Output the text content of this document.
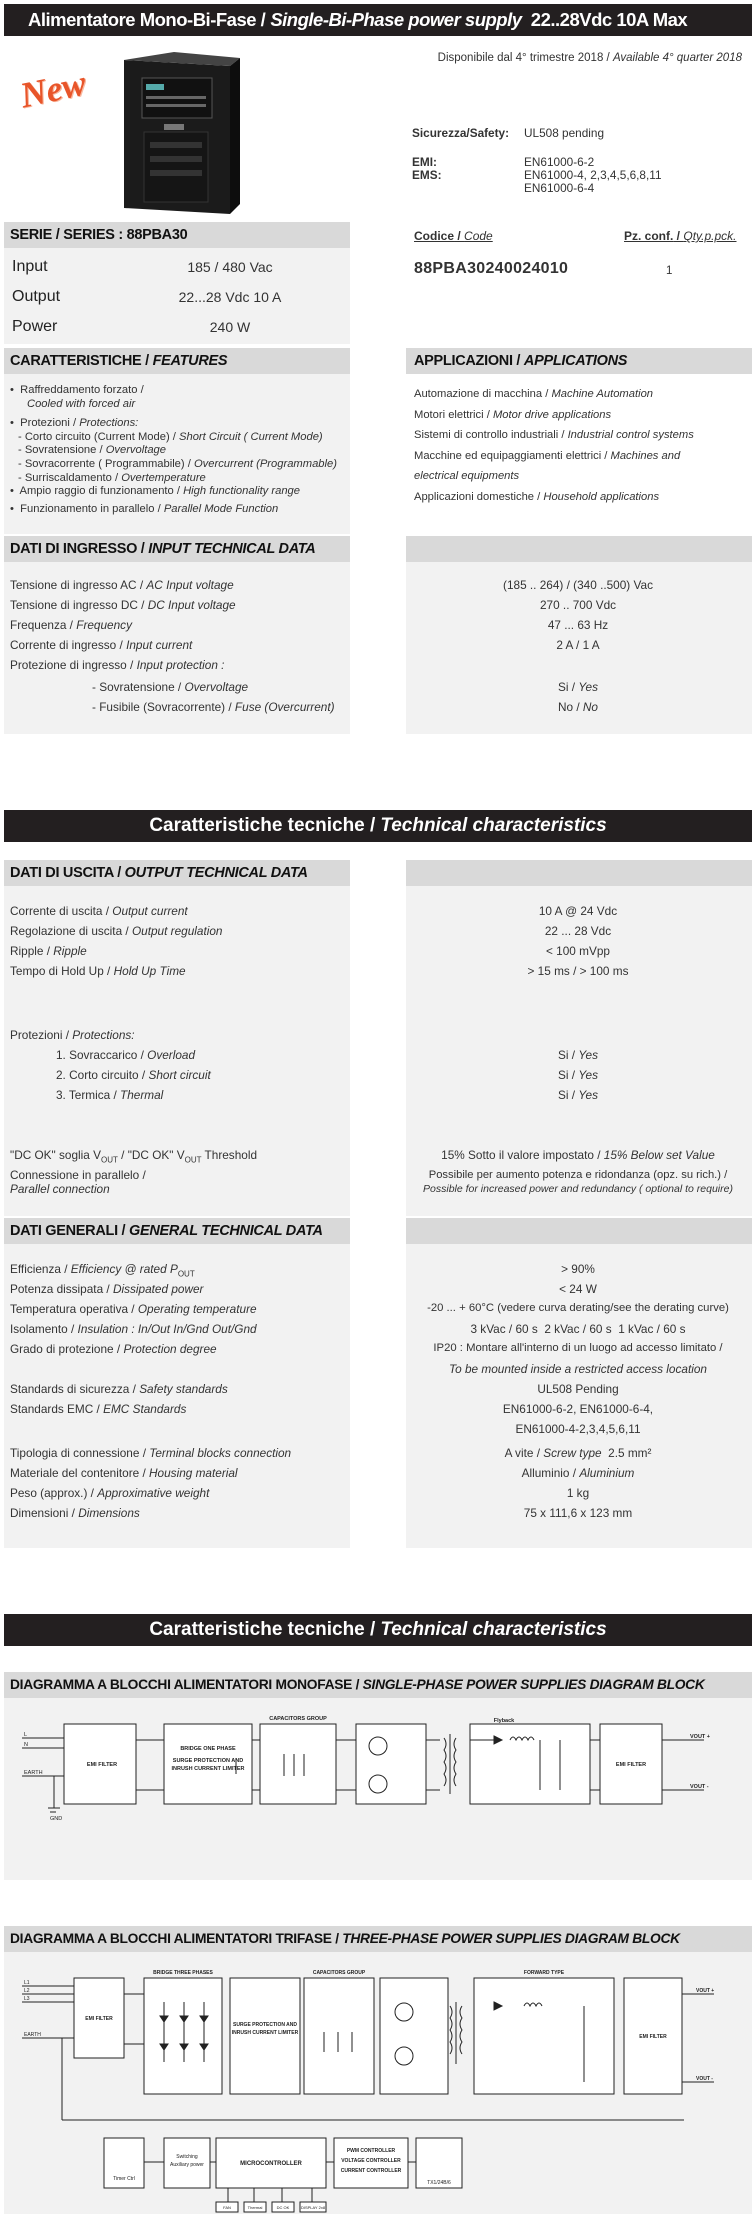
Alimentatore Mono-Bi-Fase / Single-Bi-Phase power supply 22..28Vdc 10A Max
New
Disponibile dal 4° trimestre 2018 / Available 4° quarter 2018
Sicurezza/Safety: UL508 pending
EMI:	EN61000-6-2
EMS:	EN61000-4, 2,3,4,5,6,8,11
EN61000-6-4
SERIE / SERIES : 88PBA30
Input	185 / 480 Vac
Output	22...28 Vdc 10 A
Power	240 W
Codice / Code	Pz. conf. / Qty.p.pck.
88PBA30240024010	1
CARATTERISTICHE / FEATURES	APPLICAZIONI / APPLICATIONS
•  Raffreddamento forzato /
Cooled with forced air
•  Protezioni / Protections:
- Corto circuito (Current Mode) / Short Circuit ( Current Mode)
- Sovratensione / Overvoltage
- Sovracorrente ( Programmabile) / Overcurrent (Programmable)
- Surriscaldamento / Overtemperature
•  Ampio raggio di funzionamento / High functionality range
•  Funzionamento in parallelo / Parallel Mode Function
Automazione di macchina / Machine Automation
Motori elettrici / Motor drive applications
Sistemi di controllo industriali / Industrial control systems
Macchine ed equipaggiamenti elettrici / Machines and
electrical equipments
Applicazioni domestiche / Household applications
DATI DI INGRESSO / INPUT TECHNICAL DATA
Tensione di ingresso AC / AC Input voltage	(185 .. 264) / (340 ..500) Vac
Tensione di ingresso DC / DC Input voltage	270 .. 700 Vdc
Frequenza / Frequency	47 ... 63 Hz
Corrente di ingresso / Input current	2 A / 1 A
Protezione di ingresso / Input protection :
- Sovratensione / Overvoltage	Si / Yes
- Fusibile (Sovracorrente) / Fuse (Overcurrent)	No / No
Caratteristiche tecniche / Technical characteristics
DATI DI USCITA / OUTPUT TECHNICAL DATA
Corrente di uscita / Output current	10 A @ 24 Vdc
Regolazione di uscita / Output regulation	22 ... 28 Vdc
Ripple / Ripple	< 100 mVpp
Tempo di Hold Up / Hold Up Time	> 15 ms / > 100 ms
Protezioni / Protections:
1. Sovraccarico / Overload	Si / Yes
2. Corto circuito / Short circuit	Si / Yes
3. Termica / Thermal	Si / Yes
"DC OK" soglia $V_{OUT}$ / "DC OK" $V_{OUT}$ Threshold	15% Sotto il valore impostato / 15% Below set Value
Connessione in parallelo /
Parallel connection
Possibile per aumento potenza e ridondanza (opz. su rich.) /
Possible for increased power and redundancy ( optional to require)
DATI GENERALI / GENERAL TECHNICAL DATA
Efficienza / Efficiency @ rated $P_{OUT}$	> 90%
Potenza dissipata / Dissipated power	< 24 W
Temperatura operativa / Operating temperature	-20 ... + 60°C (vedere curva derating/see the derating curve)
Isolamento / Insulation : In/Out In/Gnd Out/Gnd	3 kVac / 60 s  2 kVac / 60 s  1 kVac / 60 s
Grado di protezione / Protection degree	IP20 : Montare all'interno di un luogo ad accesso limitato /
To be mounted inside a restricted access location
Standards di sicurezza / Safety standards	UL508 Pending
Standards EMC / EMC Standards	EN61000-6-2, EN61000-6-4,
EN61000-4-2,3,4,5,6,11
Tipologia di connessione / Terminal blocks connection	A vite / Screw type  2.5 mm²
Materiale del contenitore / Housing material	Alluminio / Aluminium
Peso (approx.) / Approximative weight	1 kg
Dimensioni / Dimensions	75 x 111,6 x 123 mm
Caratteristiche tecniche / Technical characteristics
DIAGRAMMA A BLOCCHI ALIMENTATORI MONOFASE / SINGLE-PHASE POWER SUPPLIES DIAGRAM BLOCK
EMI FILTER
BRIDGE ONE PHASE
SURGE PROTECTION AND
INRUSH CURRENT LIMITER
CAPACITORS GROUP	Flyback
EMI FILTER
VOUT +
VOUT -
L
N
EARTH
GND
DIAGRAMMA A BLOCCHI ALIMENTATORI TRIFASE / THREE-PHASE POWER SUPPLIES DIAGRAM BLOCK
EMI FILTER
BRIDGE THREE PHASES
SURGE PROTECTION AND
INRUSH CURRENT LIMITER
CAPACITORS GROUP	FORWARD TYPE
EMI FILTER
VOUT +
VOUT -
EARTH
L1
L2
L3
Switching
Auxiliary power	MICROCONTROLLER
PWM CONTROLLER
VOLTAGE CONTROLLER
CURRENT CONTROLLER
Timer Ctrl
TX1/24B/6
FAN	Thermal	DC OK	DISPLAY 2x8
